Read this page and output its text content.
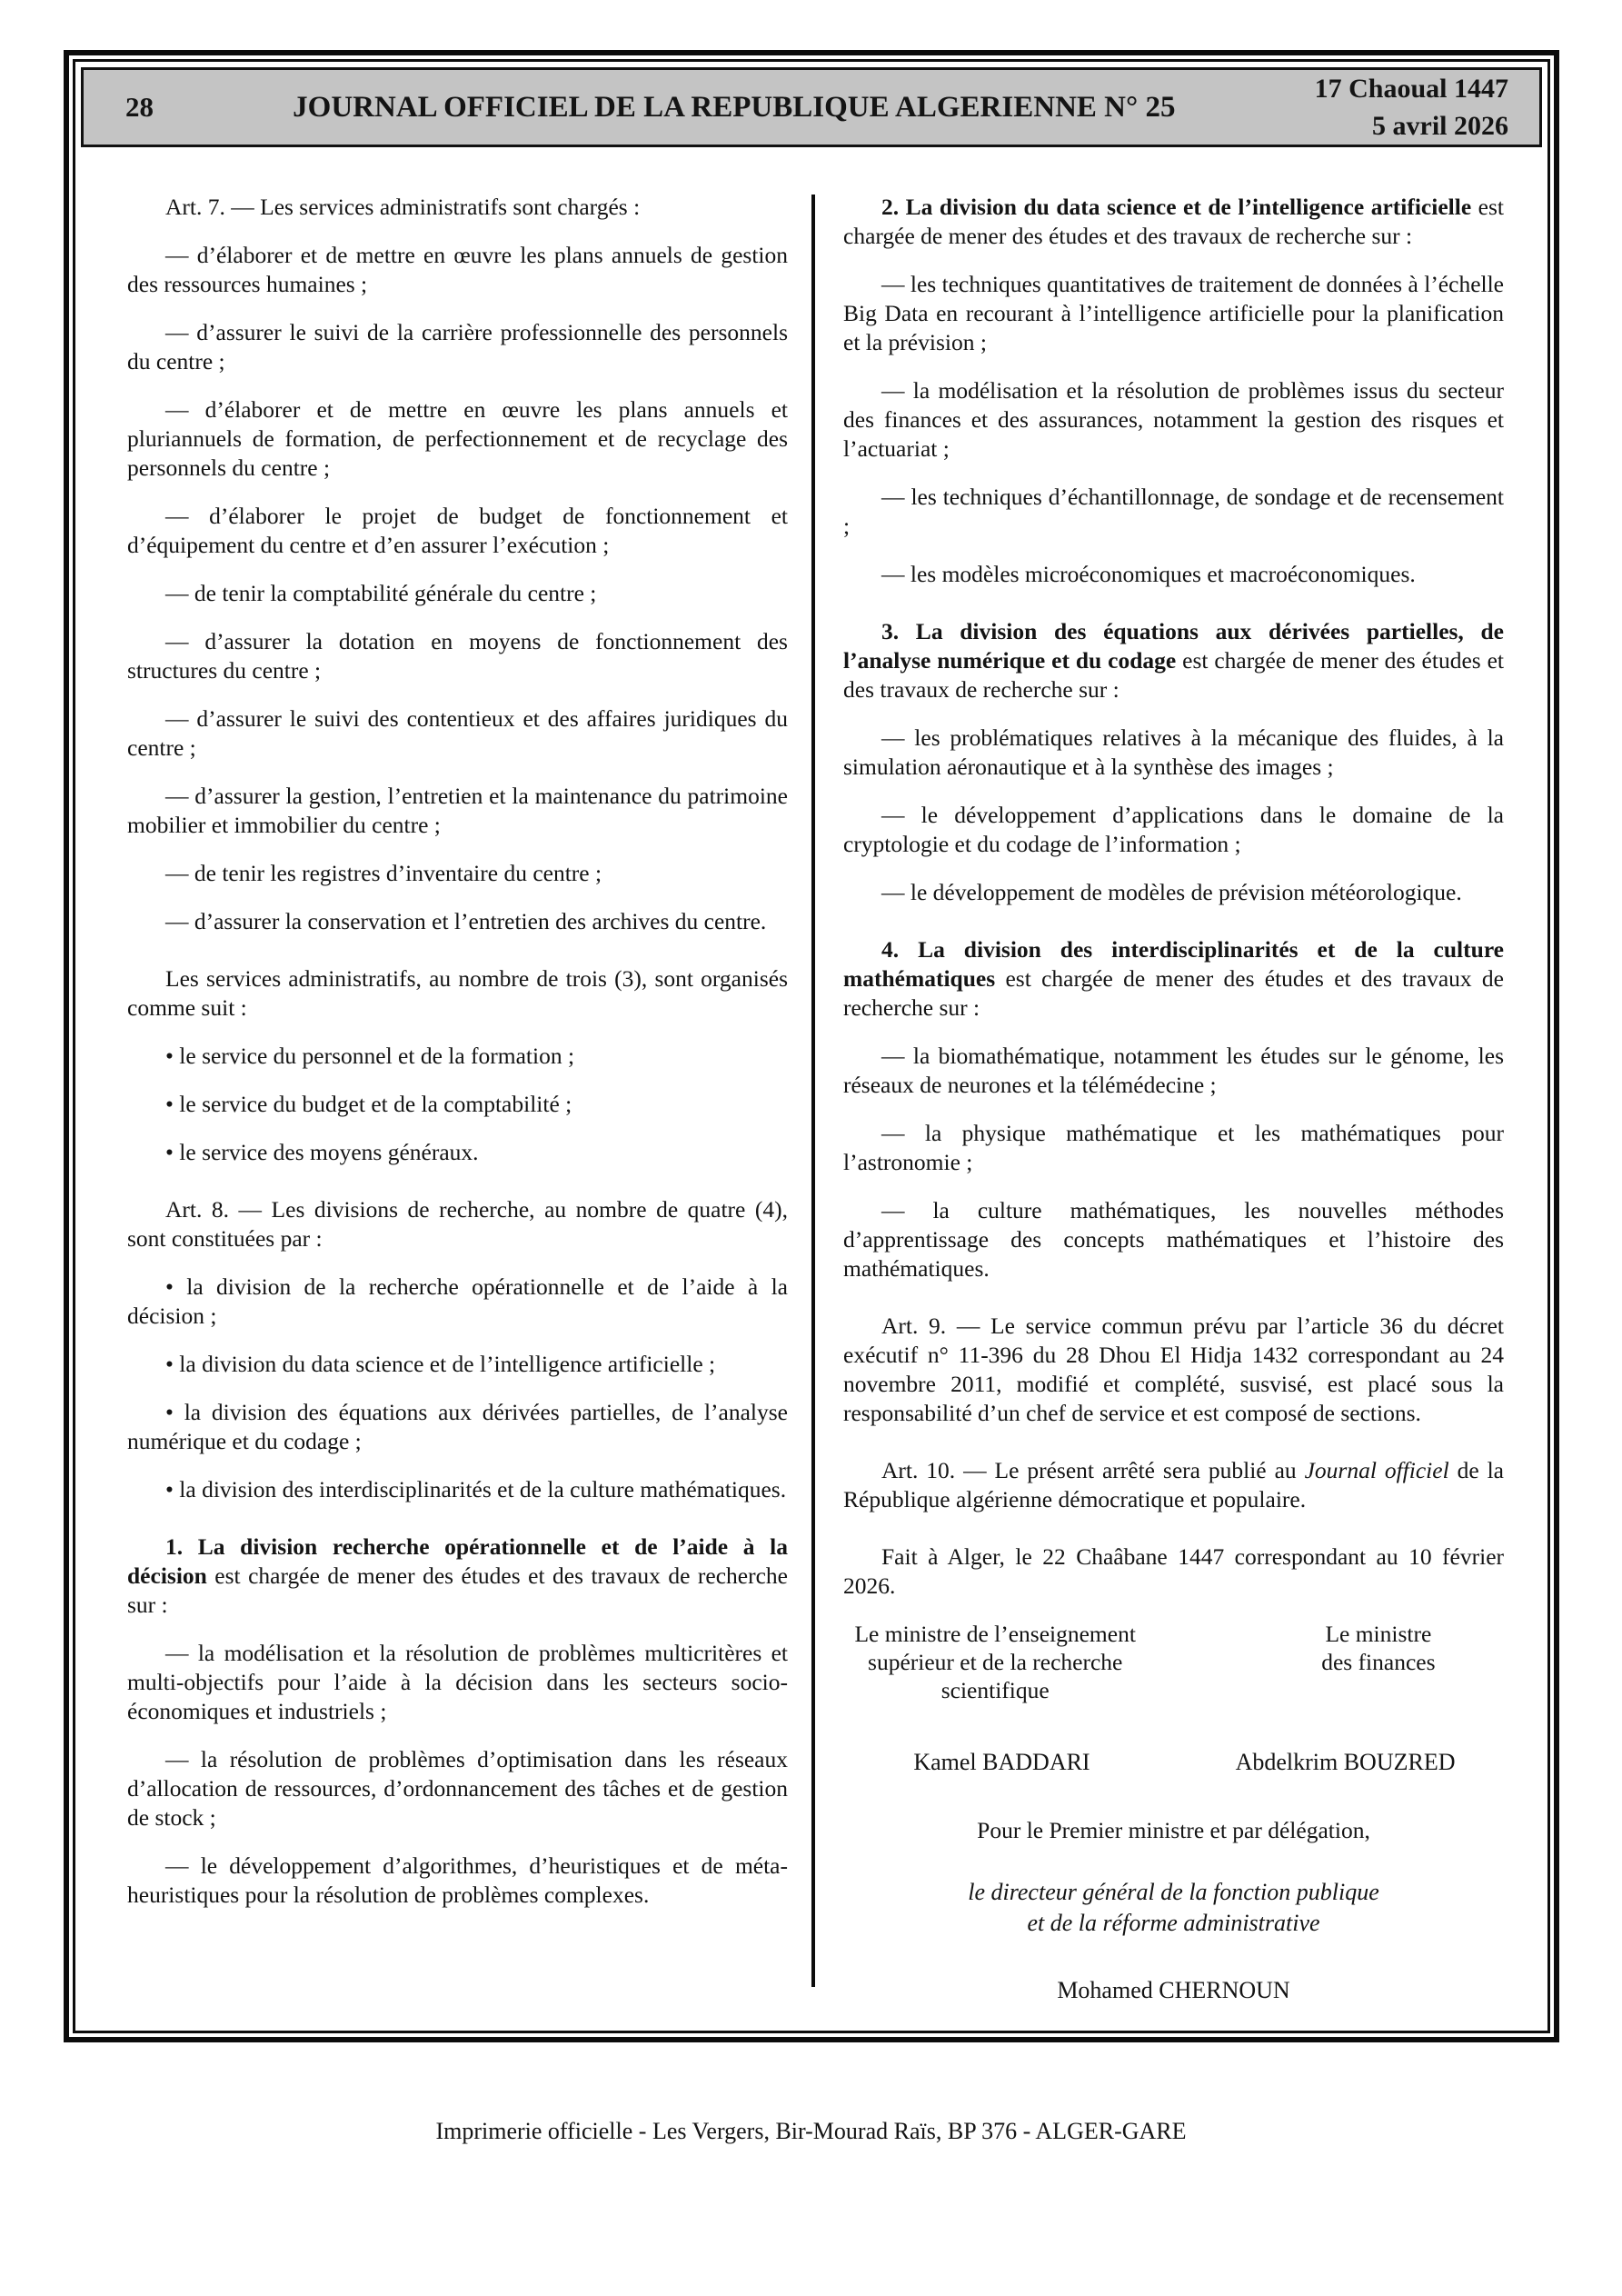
28	JOURNAL OFFICIEL DE LA REPUBLIQUE ALGERIENNE N° 25
17 Chaoual 1447
5 avril 2026

Art. 7. — Les services administratifs sont chargés :

— d’élaborer et de mettre en œuvre les plans annuels de gestion des ressources humaines ;

— d’assurer le suivi de la carrière professionnelle des personnels du centre ;

— d’élaborer et de mettre en œuvre les plans annuels et pluriannuels de formation, de perfectionnement et de recyclage des personnels du centre ;

— d’élaborer le projet de budget de fonctionnement et d’équipement du centre et d’en assurer l’exécution ;

— de tenir la comptabilité générale du centre ;

— d’assurer la dotation en moyens de fonctionnement des structures du centre ;

— d’assurer le suivi des contentieux et des affaires juridiques du centre ;

— d’assurer la gestion, l’entretien et la maintenance du patrimoine mobilier et immobilier du centre ;

— de tenir les registres d’inventaire du centre ;

— d’assurer la conservation et l’entretien des archives du centre.

Les services administratifs, au nombre de trois (3), sont organisés comme suit :

• le service du personnel et de la formation ;

• le service du budget et de la comptabilité ;

• le service des moyens généraux.

Art. 8. — Les divisions de recherche, au nombre de quatre (4), sont constituées par :

• la division de la recherche opérationnelle et de l’aide à la décision ;

• la division du data science et de l’intelligence artificielle ;

• la division des équations aux dérivées partielles, de l’analyse numérique et du codage ;

• la division des interdisciplinarités et de la culture mathématiques.

1. La division recherche opérationnelle et de l’aide à la décision est chargée de mener des études et des travaux de recherche sur :

— la modélisation et la résolution de problèmes multicritères et multi-objectifs pour l’aide à la décision dans les secteurs socio-économiques et industriels ;

— la résolution de problèmes d’optimisation dans les réseaux d’allocation de ressources, d’ordonnancement des tâches et de gestion de stock ;

— le développement d’algorithmes, d’heuristiques et de méta-heuristiques pour la résolution de problèmes complexes.

2. La division du data science et de l’intelligence artificielle est chargée de mener des études et des travaux de recherche sur :

— les techniques quantitatives de traitement de données à l’échelle Big Data en recourant à l’intelligence artificielle pour la planification et la prévision ;

— la modélisation et la résolution de problèmes issus du secteur des finances et des assurances, notamment la gestion des risques et l’actuariat ;

— les techniques d’échantillonnage, de sondage et de recensement ;

— les modèles microéconomiques et macroéconomiques.

3. La division des équations aux dérivées partielles, de l’analyse numérique et du codage est chargée de mener des études et des travaux de recherche sur :

— les problématiques relatives à la mécanique des fluides, à la simulation aéronautique et à la synthèse des images ;

— le développement d’applications dans le domaine de la cryptologie et du codage de l’information ;

— le développement de modèles de prévision météorologique.

4. La division des interdisciplinarités et de la culture mathématiques est chargée de mener des études et des travaux de recherche sur :

— la biomathématique, notamment les études sur le génome, les réseaux de neurones et la télémédecine ;

— la physique mathématique et les mathématiques pour l’astronomie ;

— la culture mathématiques, les nouvelles méthodes d’apprentissage des concepts mathématiques et l’histoire des mathématiques.

Art. 9. — Le service commun prévu par l’article 36 du décret exécutif n° 11-396 du 28 Dhou El Hidja 1432 correspondant au 24 novembre 2011, modifié et complété, susvisé, est placé sous la responsabilité d’un chef de service et est composé de sections.

Art. 10. — Le présent arrêté sera publié au Journal officiel de la République algérienne démocratique et populaire.

Fait à Alger, le 22 Chaâbane 1447 correspondant au 10 février 2026.

Le ministre de l’enseignement
supérieur et de la recherche
scientifique
Le ministre
des finances
Kamel BADDARI	Abdelkrim BOUZRED
Pour le Premier ministre et par délégation,
le directeur général de la fonction publique
et de la réforme administrative
Mohamed CHERNOUN
Imprimerie officielle - Les Vergers, Bir-Mourad Raïs, BP 376 - ALGER-GARE
